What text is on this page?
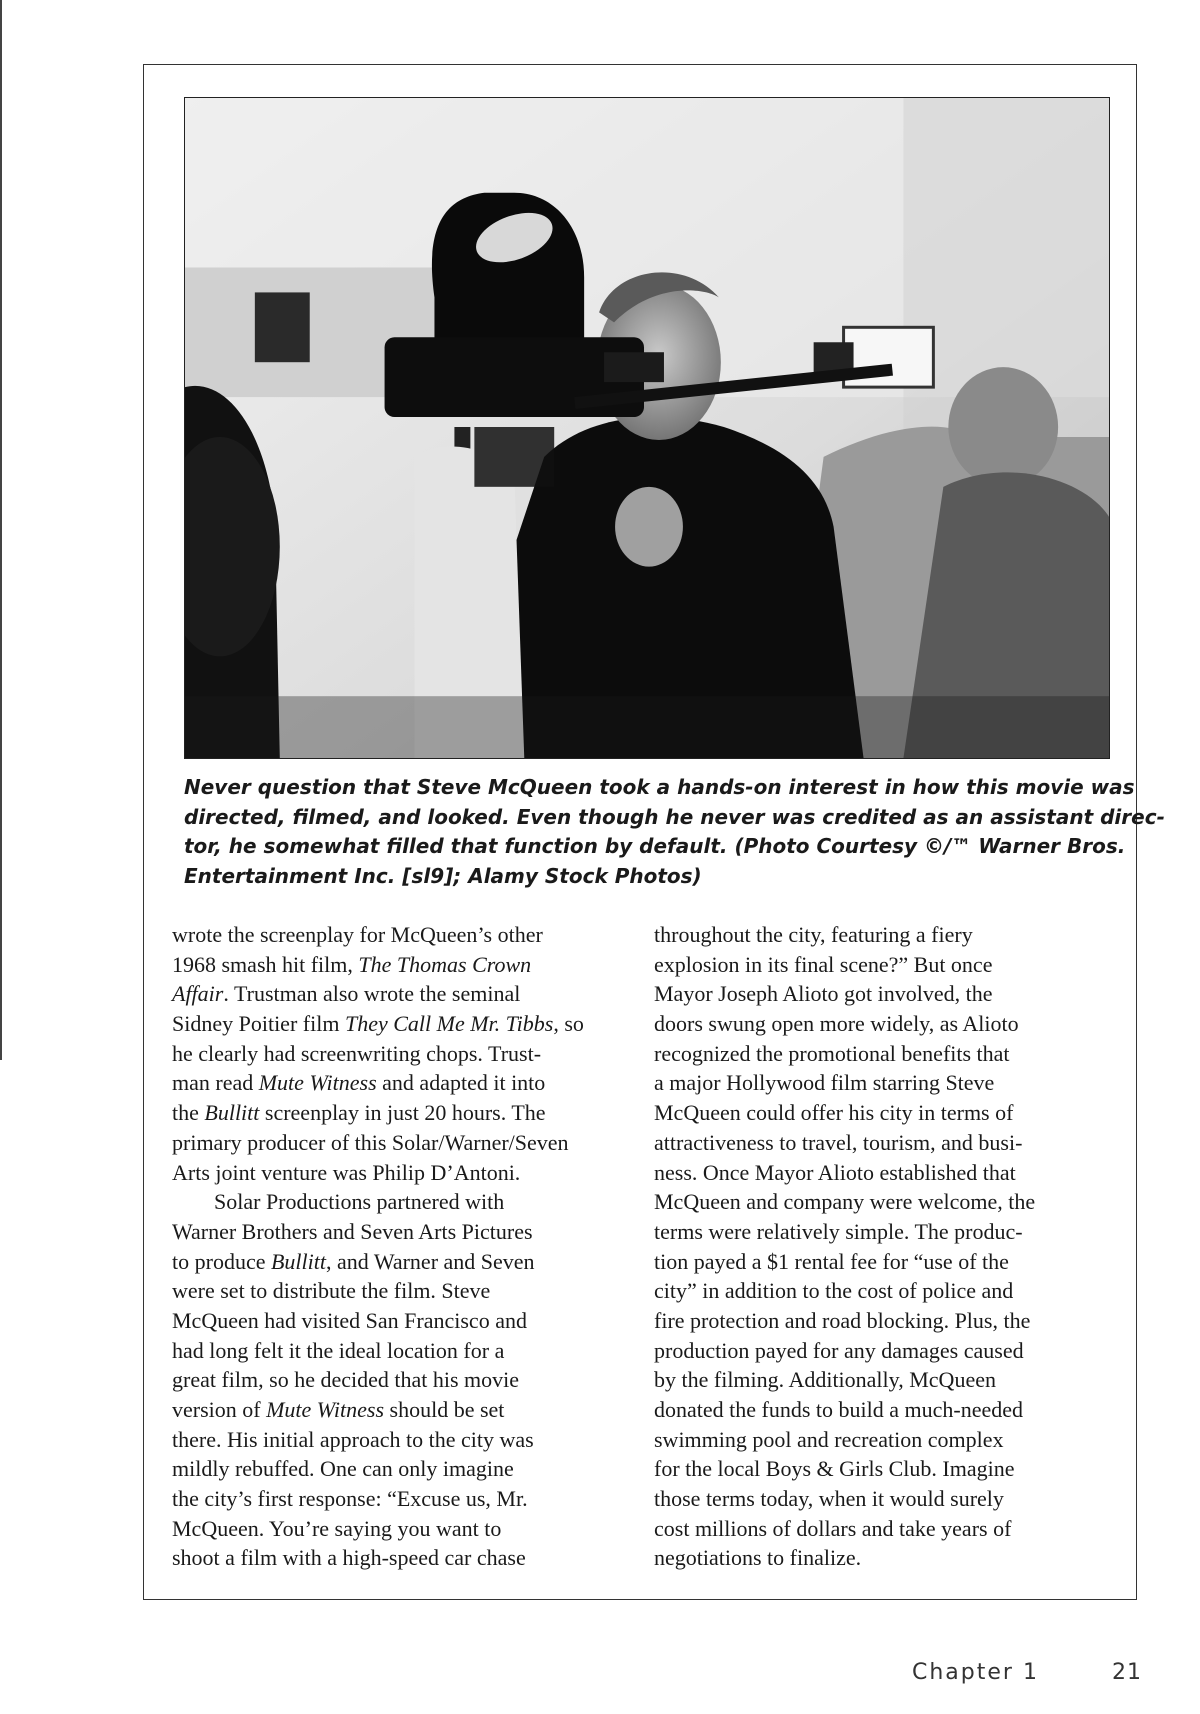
Never question that Steve McQueen took a hands-on interest in how this movie was
directed, filmed, and looked. Even though he never was credited as an assistant direc-
tor, he somewhat filled that function by default. (Photo Courtesy ©/™ Warner Bros.
Entertainment Inc. [sl9]; Alamy Stock Photos)

wrote the screenplay for McQueen’s other
1968 smash hit film, The Thomas Crown
Affair. Trustman also wrote the seminal
Sidney Poitier film They Call Me Mr. Tibbs, so
he clearly had screenwriting chops. Trust-
man read Mute Witness and adapted it into
the Bullitt screenplay in just 20 hours. The
primary producer of this Solar/Warner/Seven
Arts joint venture was Philip D’Antoni.
Solar Productions partnered with
Warner Brothers and Seven Arts Pictures
to produce Bullitt, and Warner and Seven
were set to distribute the film. Steve
McQueen had visited San Francisco and
had long felt it the ideal location for a
great film, so he decided that his movie
version of Mute Witness should be set
there. His initial approach to the city was
mildly rebuffed. One can only imagine
the city’s first response: “Excuse us, Mr.
McQueen. You’re saying you want to
shoot a film with a high-speed car chase
throughout the city, featuring a fiery
explosion in its final scene?” But once
Mayor Joseph Alioto got involved, the
doors swung open more widely, as Alioto
recognized the promotional benefits that
a major Hollywood film starring Steve
McQueen could offer his city in terms of
attractiveness to travel, tourism, and busi-
ness. Once Mayor Alioto established that
McQueen and company were welcome, the
terms were relatively simple. The produc-
tion payed a $1 rental fee for “use of the
city” in addition to the cost of police and
fire protection and road blocking. Plus, the
production payed for any damages caused
by the filming. Additionally, McQueen
donated the funds to build a much-needed
swimming pool and recreation complex
for the local Boys & Girls Club. Imagine
those terms today, when it would surely
cost millions of dollars and take years of
negotiations to finalize.
Chapter 1	21
